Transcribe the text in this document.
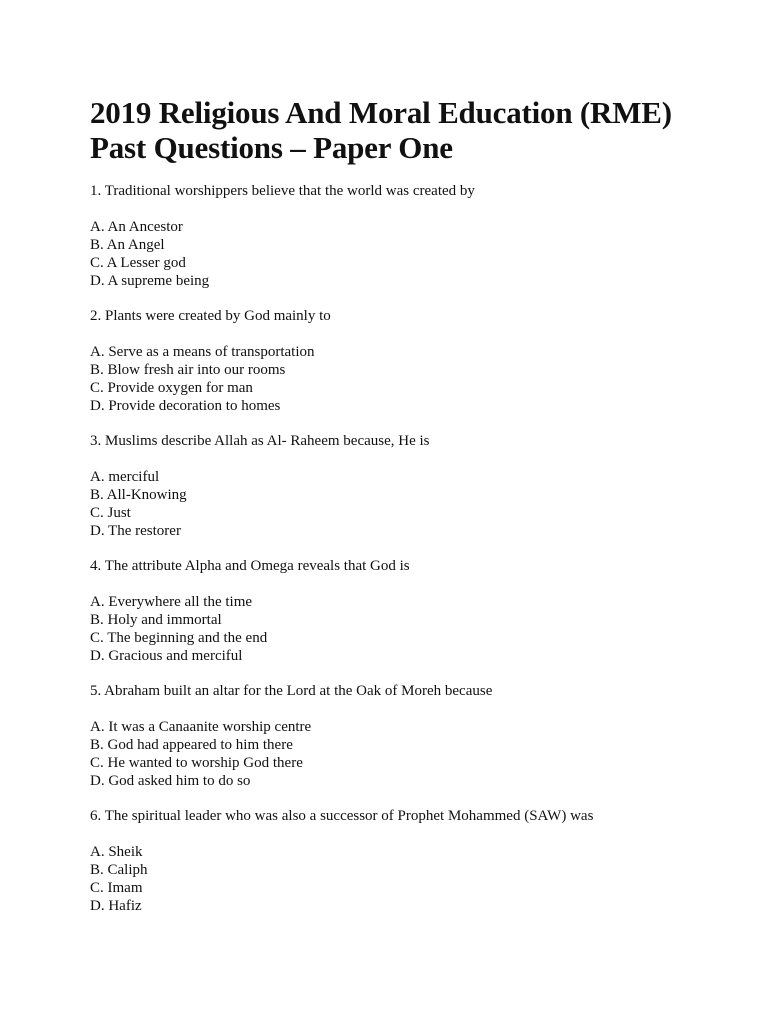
2019 Religious And Moral Education (RME) Past Questions – Paper One

1. Traditional worshippers believe that the world was created by

A. An Ancestor
B. An Angel
C. A Lesser god
D. A supreme being

2. Plants were created by God mainly to

A. Serve as a means of transportation
B. Blow fresh air into our rooms
C. Provide oxygen for man
D. Provide decoration to homes

3. Muslims describe Allah as Al- Raheem because, He is

A. merciful
B. All-Knowing
C. Just
D. The restorer

4. The attribute Alpha and Omega reveals that God is

A. Everywhere all the time
B. Holy and immortal
C. The beginning and the end
D. Gracious and merciful

5. Abraham built an altar for the Lord at the Oak of Moreh because

A. It was a Canaanite worship centre
B. God had appeared to him there
C. He wanted to worship God there
D. God asked him to do so

6. The spiritual leader who was also a successor of Prophet Mohammed (SAW) was

A. Sheik
B. Caliph
C. Imam
D. Hafiz
